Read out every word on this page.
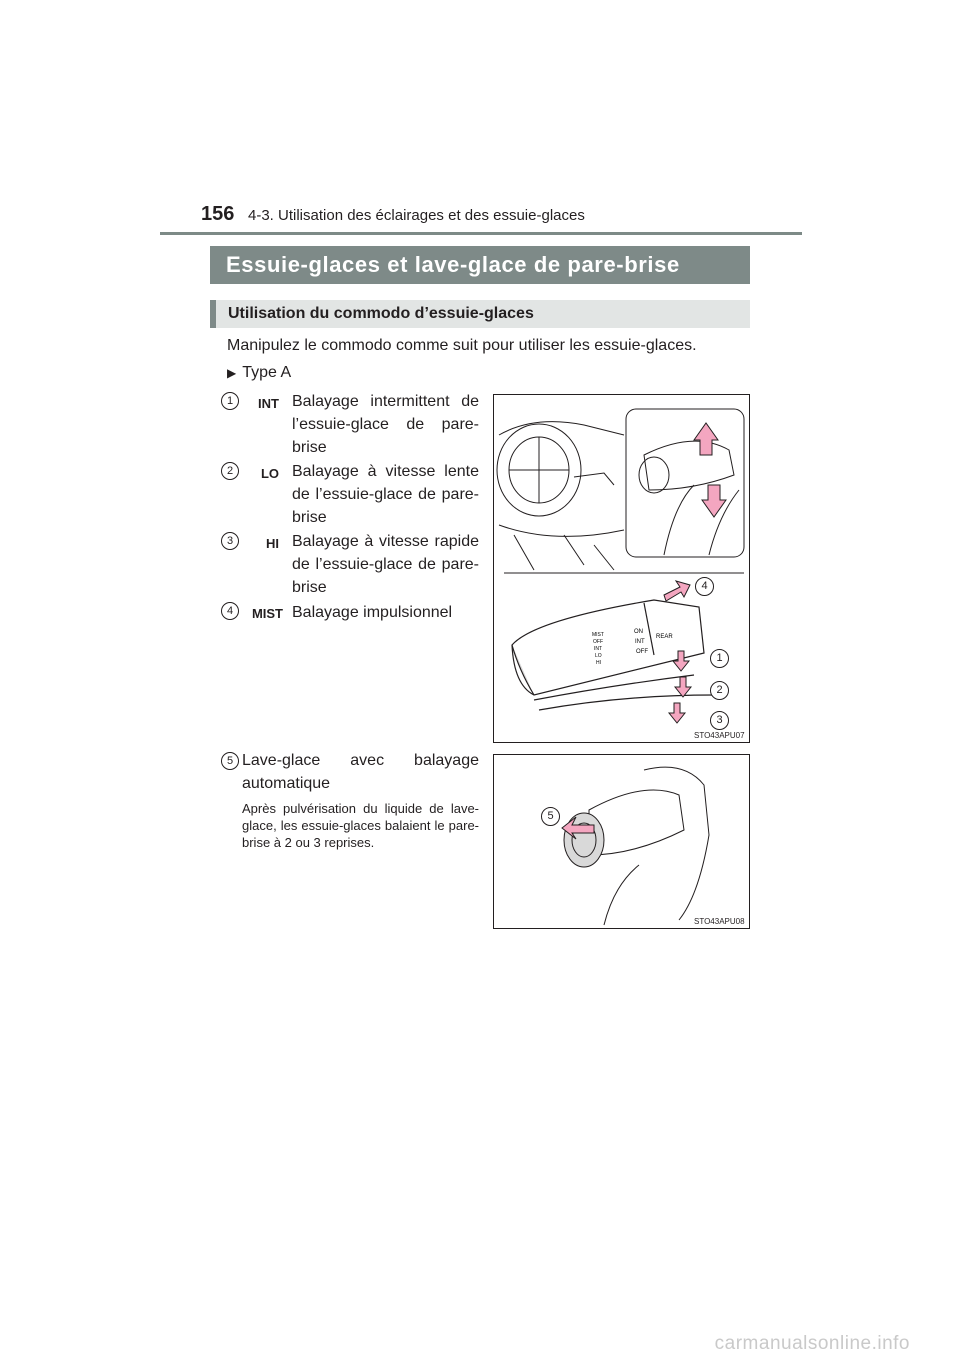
156 4-3. Utilisation des éclairages et des essuie-glaces
Essuie-glaces et lave-glace de pare-brise
Utilisation du commodo d’essuie-glaces
Manipulez le commodo comme suit pour utiliser les essuie-glaces.
▶ Type A
1	INT Balayage intermittent de l’essuie-glace de pare-brise
2	LO Balayage à vitesse lente de l’essuie-glace de pare-brise
3	HI Balayage à vitesse rapide de l’essuie-glace de pare-brise
4	MIST Balayage impulsionnel
5 Lave-glace avec balayage automatique
Après pulvérisation du liquide de lave-glace, les essuie-glaces balaient le pare-brise à 2 ou 3 reprises.
MIST
OFF
INT
LO
HI
ON
INT
OFF
REAR
4
1
2
3
STO43APU07
5
STO43APU08
carmanualsonline.info
